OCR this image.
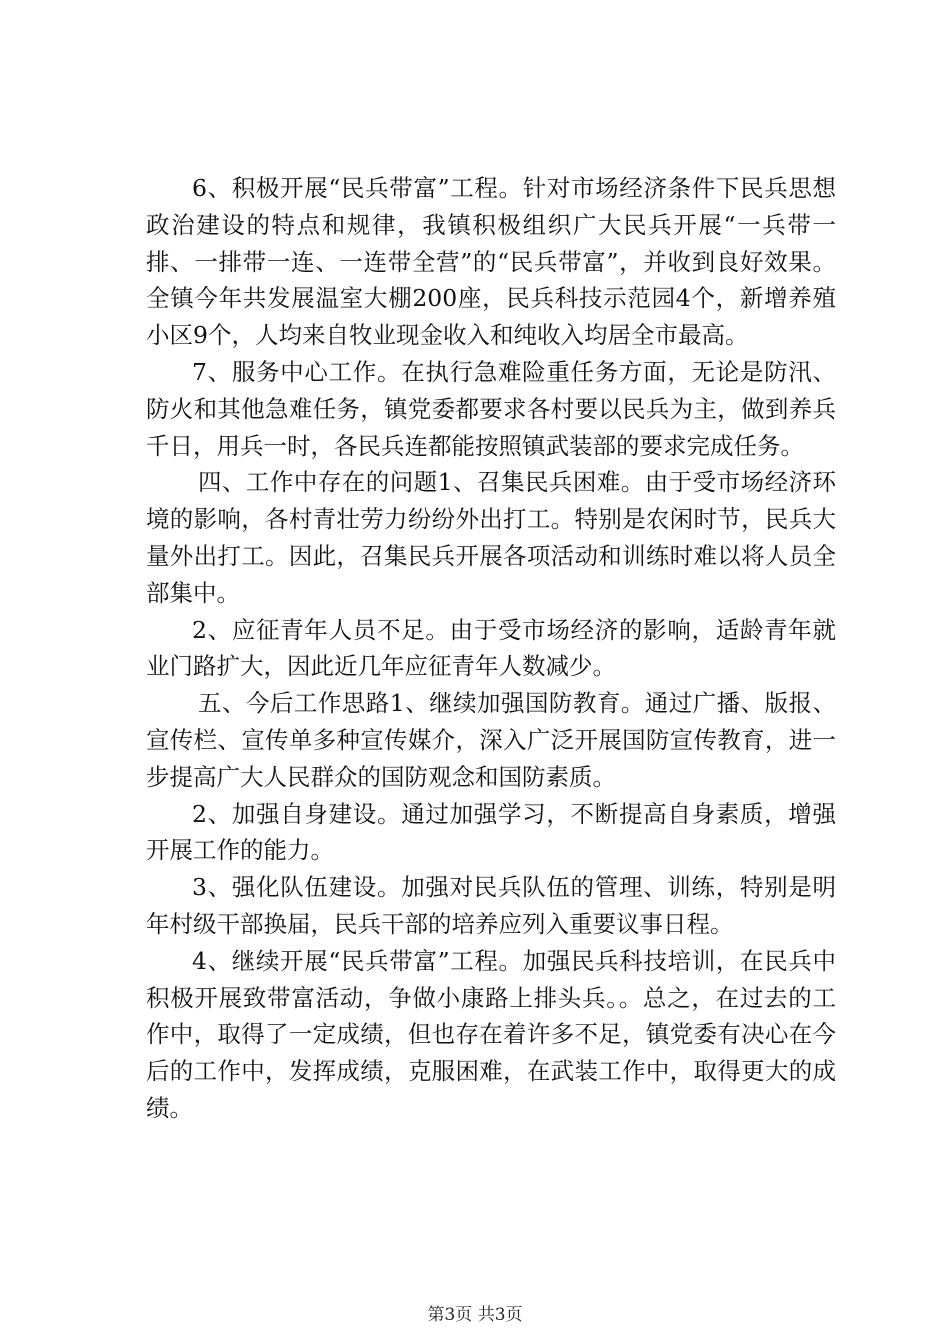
6、积极开展“民兵带富”工程。针对市场经济条件下民兵思想政治建设的特点和规律，我镇积极组织广大民兵开展“一兵带一排、一排带一连、一连带全营”的“民兵带富”，并收到良好效果。全镇今年共发展温室大棚200座，民兵科技示范园4个，新增养殖小区9个，人均来自牧业现金收入和纯收入均居全市最高。

7、服务中心工作。在执行急难险重任务方面，无论是防汛、防火和其他急难任务，镇党委都要求各村要以民兵为主，做到养兵千日，用兵一时，各民兵连都能按照镇武装部的要求完成任务。

四、工作中存在的问题1、召集民兵困难。由于受市场经济环境的影响，各村青壮劳力纷纷外出打工。特别是农闲时节，民兵大量外出打工。因此，召集民兵开展各项活动和训练时难以将人员全部集中。

2、应征青年人员不足。由于受市场经济的影响，适龄青年就业门路扩大，因此近几年应征青年人数减少。

五、今后工作思路1、继续加强国防教育。通过广播、版报、宣传栏、宣传单多种宣传媒介，深入广泛开展国防宣传教育，进一步提高广大人民群众的国防观念和国防素质。

2、加强自身建设。通过加强学习，不断提高自身素质，增强开展工作的能力。

3、强化队伍建设。加强对民兵队伍的管理、训练，特别是明年村级干部换届，民兵干部的培养应列入重要议事日程。

4、继续开展“民兵带富”工程。加强民兵科技培训，在民兵中积极开展致带富活动，争做小康路上排头兵。。总之，在过去的工作中，取得了一定成绩，但也存在着许多不足，镇党委有决心在今后的工作中，发挥成绩，克服困难，在武装工作中，取得更大的成绩。

第3页 共3页
